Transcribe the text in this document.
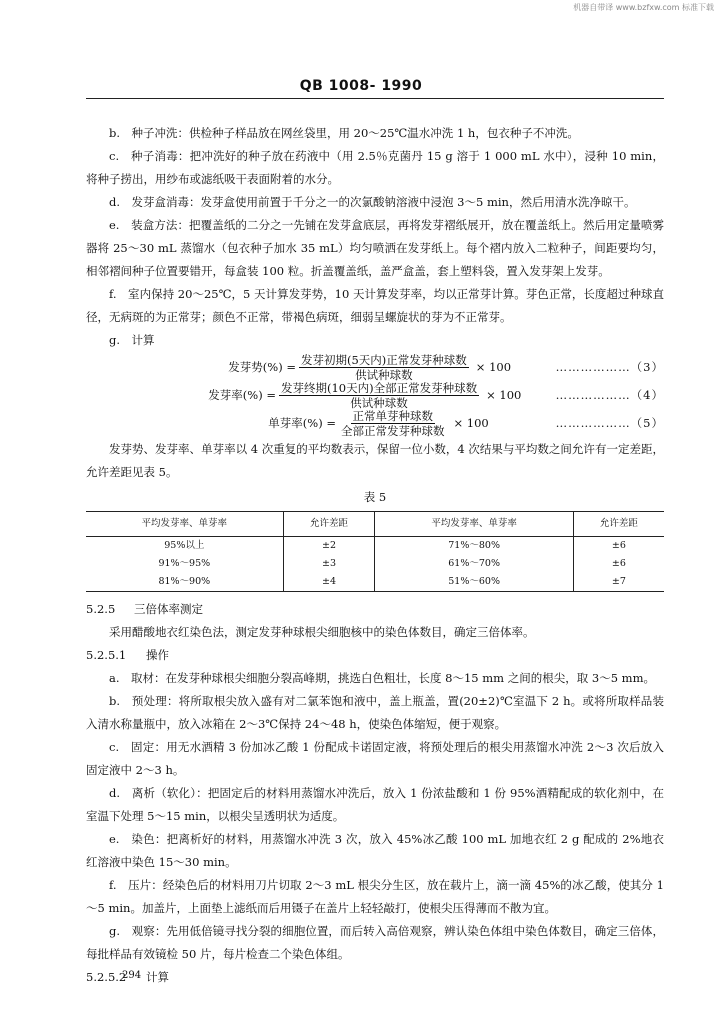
机器自带译 www.bzfxw.com 标准下载
QB 1008- 1990

b.　种子冲洗：供检种子样品放在网丝袋里，用 20～25℃温水冲洗 1 h，包衣种子不冲洗。

c.　种子消毒：把冲洗好的种子放在药液中（用 2.5％克菌丹 15 g 溶于 1 000 mL 水中），浸种 10 min，将种子捞出，用纱布或滤纸吸干表面附着的水分。

d.　发芽盒消毒：发芽盒使用前置于千分之一的次氯酸钠溶液中浸泡 3～5 min，然后用清水洗净晾干。

e.　装盒方法：把覆盖纸的二分之一先铺在发芽盒底层，再将发芽褶纸展开，放在覆盖纸上。然后用定量喷雾器将 25～30 mL 蒸馏水（包衣种子加水 35 mL）均匀喷洒在发芽纸上。每个褶内放入二粒种子，间距要均匀，相邻褶间种子位置要错开，每盒装 100 粒。折盖覆盖纸，盖严盒盖，套上塑料袋，置入发芽架上发芽。

f.　室内保持 20～25℃，5 天计算发芽势，10 天计算发芽率，均以正常芽计算。芽色正常，长度超过种球直径，无病斑的为正常芽；颜色不正常，带褐色病斑，细弱呈螺旋状的芽为不正常芽。

g.　计算

发芽势(%) = $\frac{\text{发芽初期(5天内)正常发芽种球数}}{\text{供试种球数}} \times 100$	………………（3）
发芽率(%) = $\frac{\text{发芽终期(10天内)全部正常发芽种球数}}{\text{供试种球数}} \times 100$	………………（4）
单芽率(%) = $\frac{\text{正常单芽种球数}}{\text{全部正常发芽种球数}} \times 100$	………………（5）

发芽势、发芽率、单芽率以 4 次重复的平均数表示，保留一位小数，4 次结果与平均数之间允许有一定差距，允许差距见表 5。

表 5

平均发芽率、单芽率	允许差距	平均发芽率、单芽率	允许差距
95%以上	±2	71%～80%	±6
91%～95%	±3	61%～70%	±6
81%～90%	±4	51%～60%	±7

5.2.5 三倍体率测定

采用醋酸地衣红染色法，测定发芽种球根尖细胞核中的染色体数目，确定三倍体率。

5.2.5.1 操作

a.　取材：在发芽种球根尖细胞分裂高峰期，挑选白色粗壮，长度 8～15 mm 之间的根尖，取 3～5 mm。

b.　预处理：将所取根尖放入盛有对二氯苯饱和液中，盖上瓶盖，置(20±2)℃室温下 2 h。或将所取样品装入清水称量瓶中，放入冰箱在 2～3℃保持 24～48 h，使染色体缩短，便于观察。

c.　固定：用无水酒精 3 份加冰乙酸 1 份配成卡诺固定液，将预处理后的根尖用蒸馏水冲洗 2～3 次后放入固定液中 2～3 h。

d.　离析（软化）：把固定后的材料用蒸馏水冲洗后，放入 1 份浓盐酸和 1 份 95%酒精配成的软化剂中，在室温下处理 5～15 min，以根尖呈透明状为适度。

e.　染色：把离析好的材料，用蒸馏水冲洗 3 次，放入 45%冰乙酸 100 mL 加地衣红 2 g 配成的 2%地衣红溶液中染色 15～30 min。

f.　压片：经染色后的材料用刀片切取 2～3 mL 根尖分生区，放在载片上，滴一滴 45%的冰乙酸，使其分 1～5 min。加盖片，上面垫上滤纸而后用镊子在盖片上轻轻敲打，使根尖压得薄而不散为宜。

g.　观察：先用低倍镜寻找分裂的细胞位置，而后转入高倍观察，辨认染色体组中染色体数目，确定三倍体，每批样品有效镜检 50 片，每片检查二个染色体组。

5.2.5.2 计算

294
